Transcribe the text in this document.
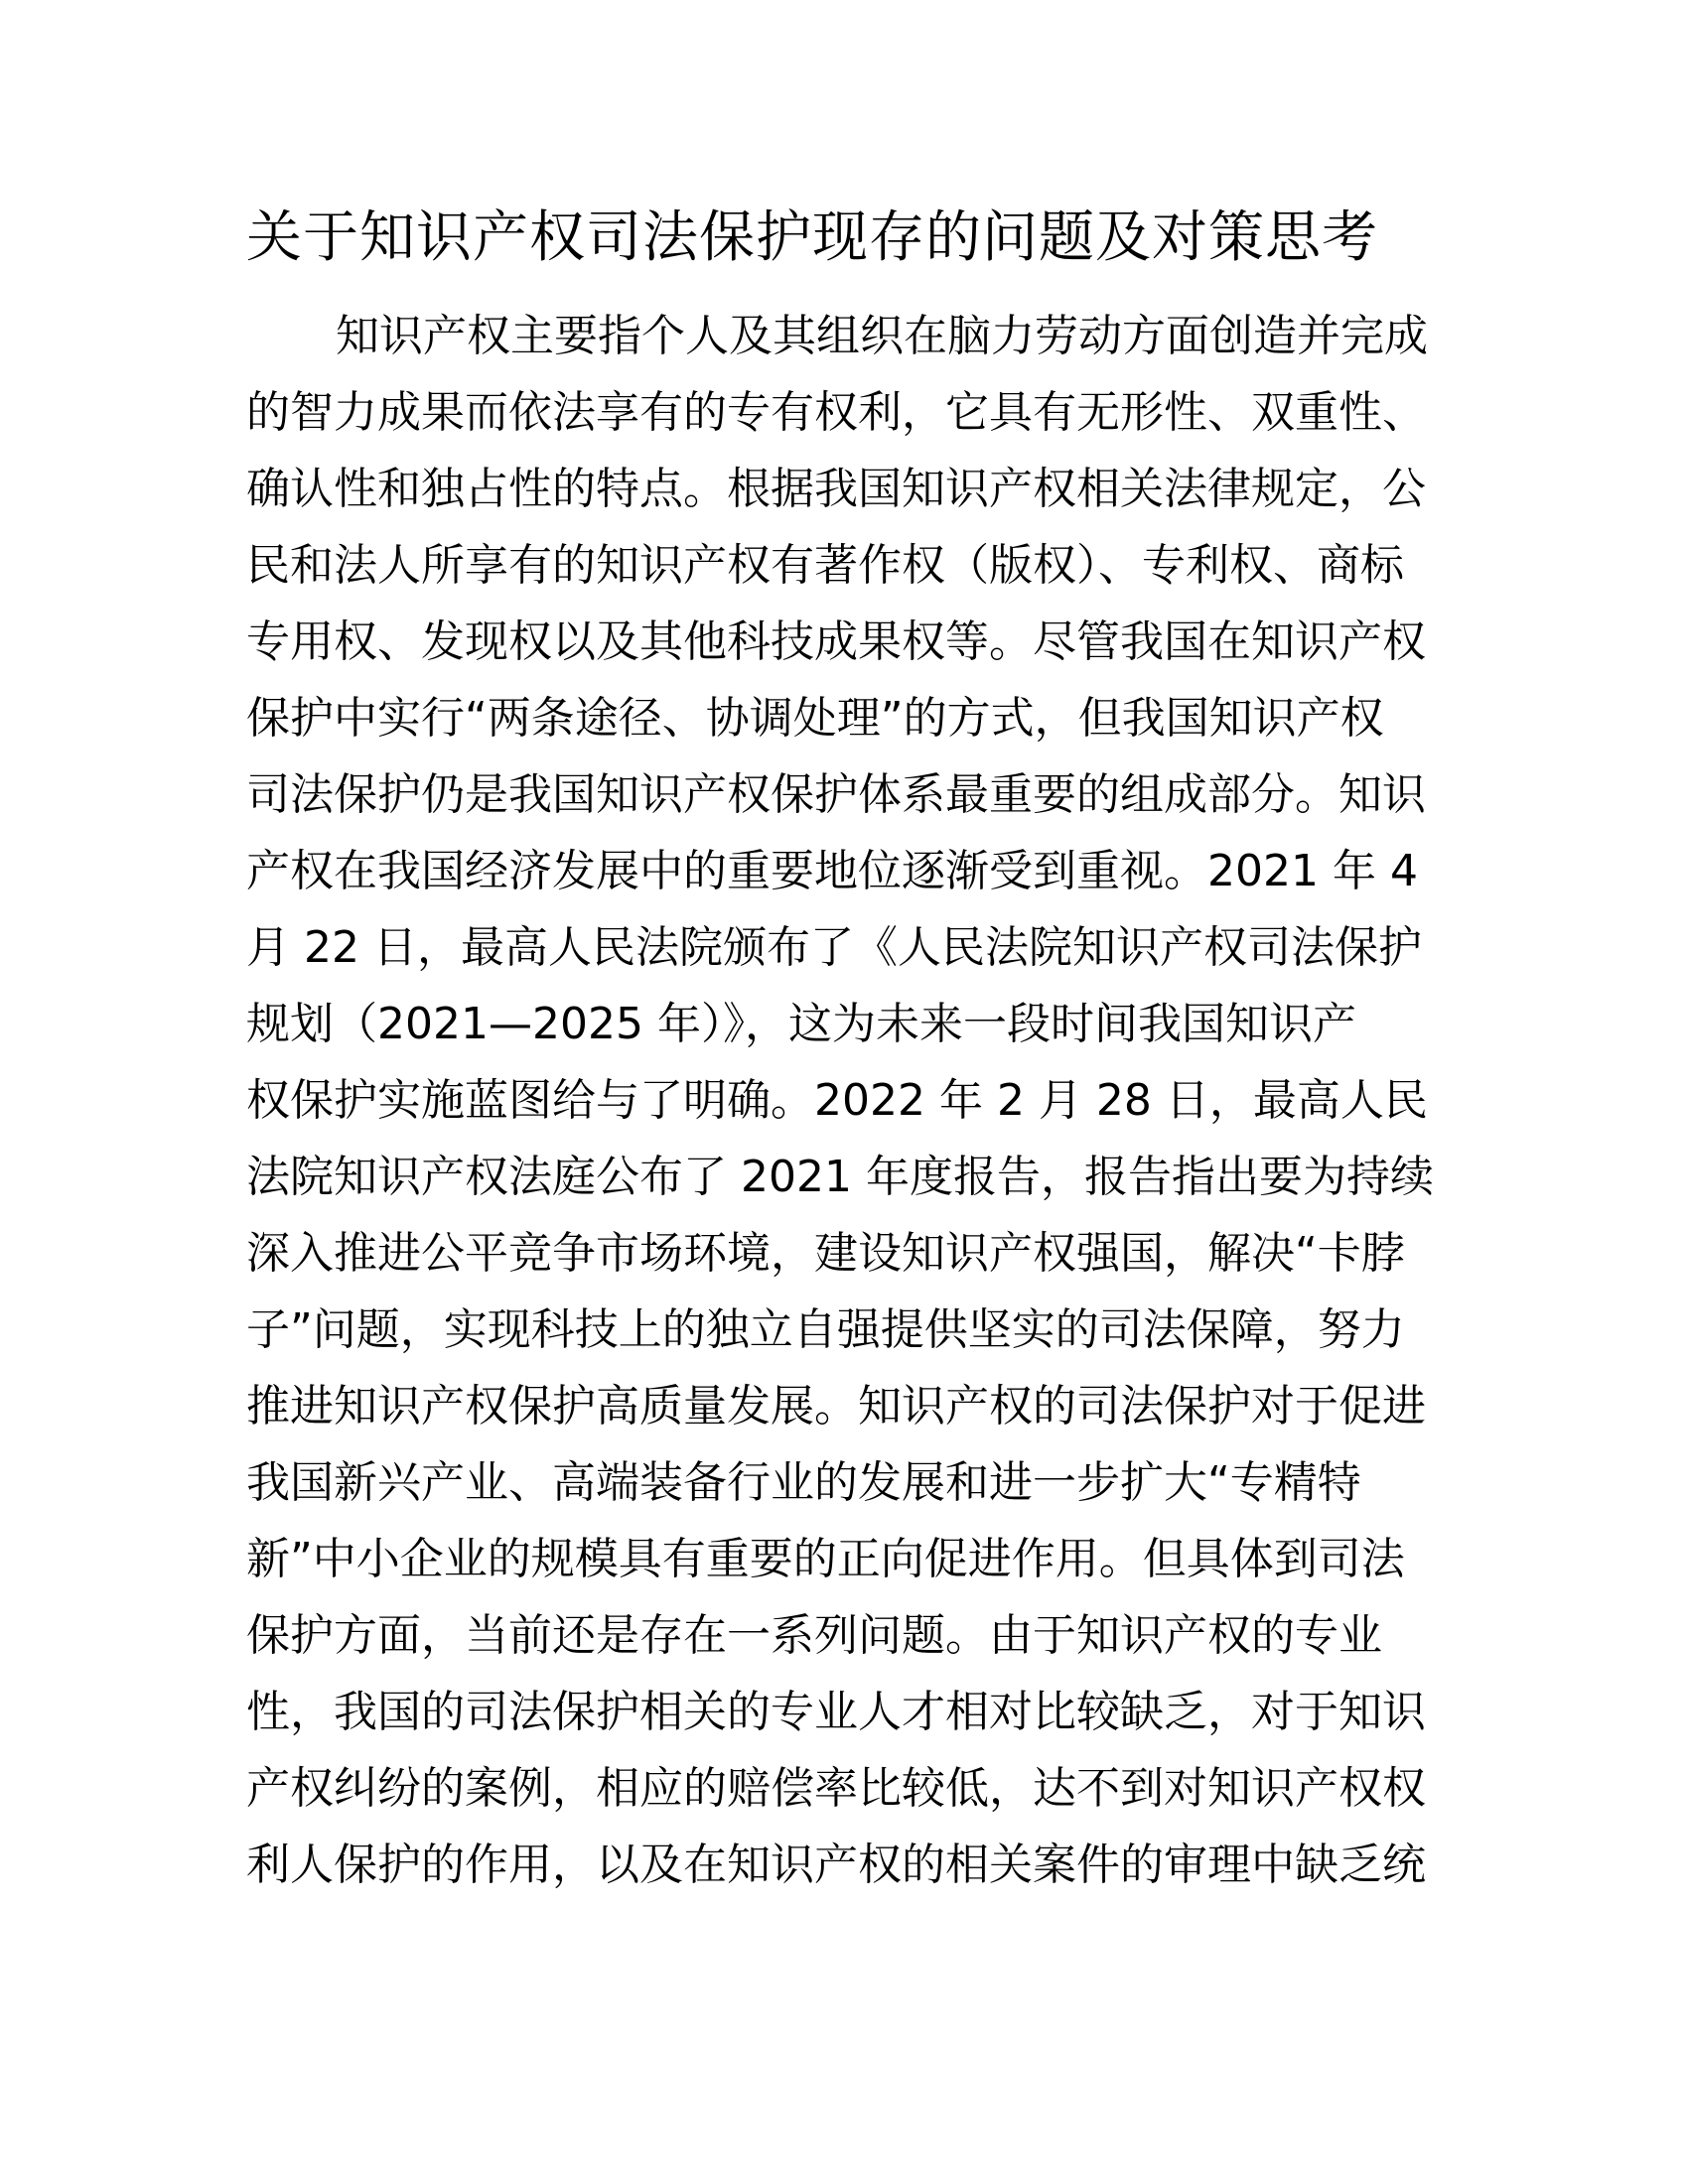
关于知识产权司法保护现存的问题及对策思考
知识产权主要指个人及其组织在脑力劳动方面创造并完成
的智力成果而依法享有的专有权利，它具有无形性、双重性、
确认性和独占性的特点。根据我国知识产权相关法律规定，公
民和法人所享有的知识产权有著作权（版权）、专利权、商标
专用权、发现权以及其他科技成果权等。尽管我国在知识产权
保护中实行“两条途径、协调处理”的方式，但我国知识产权
司法保护仍是我国知识产权保护体系最重要的组成部分。知识
产权在我国经济发展中的重要地位逐渐受到重视。2021 年 4
月 22 日，最高人民法院颁布了《人民法院知识产权司法保护
规划（2021—2025 年）》，这为未来一段时间我国知识产
权保护实施蓝图给与了明确。2022 年 2 月 28 日，最高人民
法院知识产权法庭公布了 2021 年度报告，报告指出要为持续
深入推进公平竞争市场环境，建设知识产权强国，解决“卡脖
子”问题，实现科技上的独立自强提供坚实的司法保障，努力
推进知识产权保护高质量发展。知识产权的司法保护对于促进
我国新兴产业、高端装备行业的发展和进一步扩大“专精特
新”中小企业的规模具有重要的正向促进作用。但具体到司法
保护方面，当前还是存在一系列问题。由于知识产权的专业
性，我国的司法保护相关的专业人才相对比较缺乏，对于知识
产权纠纷的案例，相应的赔偿率比较低，达不到对知识产权权
利人保护的作用，以及在知识产权的相关案件的审理中缺乏统
